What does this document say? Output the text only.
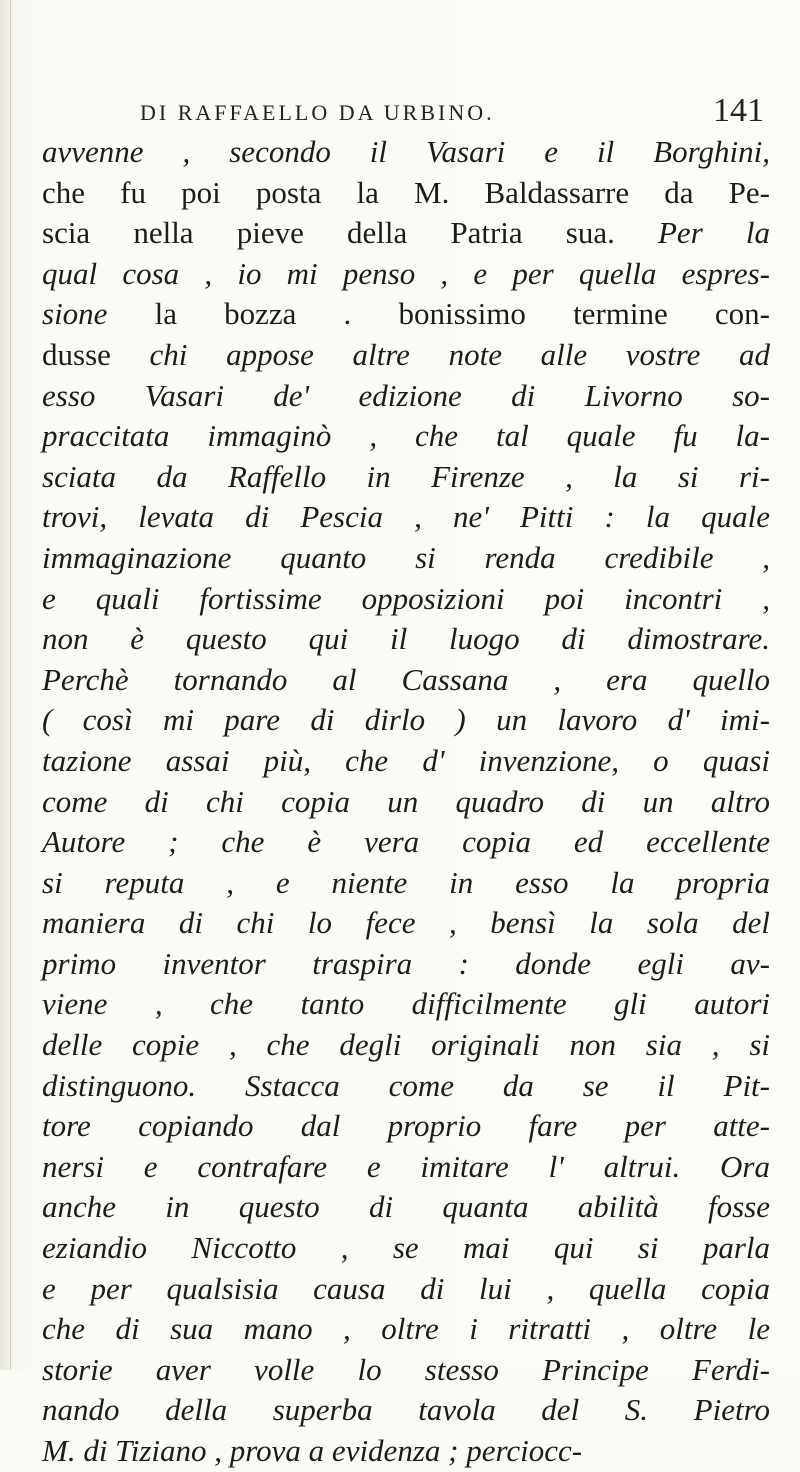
DI RAFFAELLO DA URBINO.	141
avvenne , secondo il Vasari e il Borghini,
che fu poi posta la M. Baldassarre da Pe-
scia nella pieve della Patria sua. Per la
qual cosa , io mi penso , e per quella espres-
sione la bozza . bonissimo termine con-
dusse chi appose altre note alle vostre ad
esso Vasari de' edizione di Livorno so-
praccitata immaginò , che tal quale fu la-
sciata da Raffello in Firenze , la si ri-
trovi, levata di Pescia , ne' Pitti : la quale
immaginazione quanto si renda credibile ,
e quali fortissime opposizioni poi incontri ,
non è questo qui il luogo di dimostrare.
Perchè tornando al Cassana , era quello
( così mi pare di dirlo ) un lavoro d' imi-
tazione assai più, che d' invenzione, o quasi
come di chi copia un quadro di un altro
Autore ; che è vera copia ed eccellente
si reputa , e niente in esso la propria
maniera di chi lo fece , bensì la sola del
primo inventor traspira : donde egli av-
viene , che tanto difficilmente gli autori
delle copie , che degli originali non sia , si
distinguono. Sstacca come da se il Pit-
tore copiando dal proprio fare per atte-
nersi e contrafare e imitare l' altrui. Ora
anche in questo di quanta abilità fosse
eziandio Niccotto , se mai qui si parla
e per qualsisia causa di lui , quella copia
che di sua mano , oltre i ritratti , oltre le
storie aver volle lo stesso Principe Ferdi-
nando della superba tavola del S. Pietro
M. di Tiziano , prova a evidenza ; perciocc-
